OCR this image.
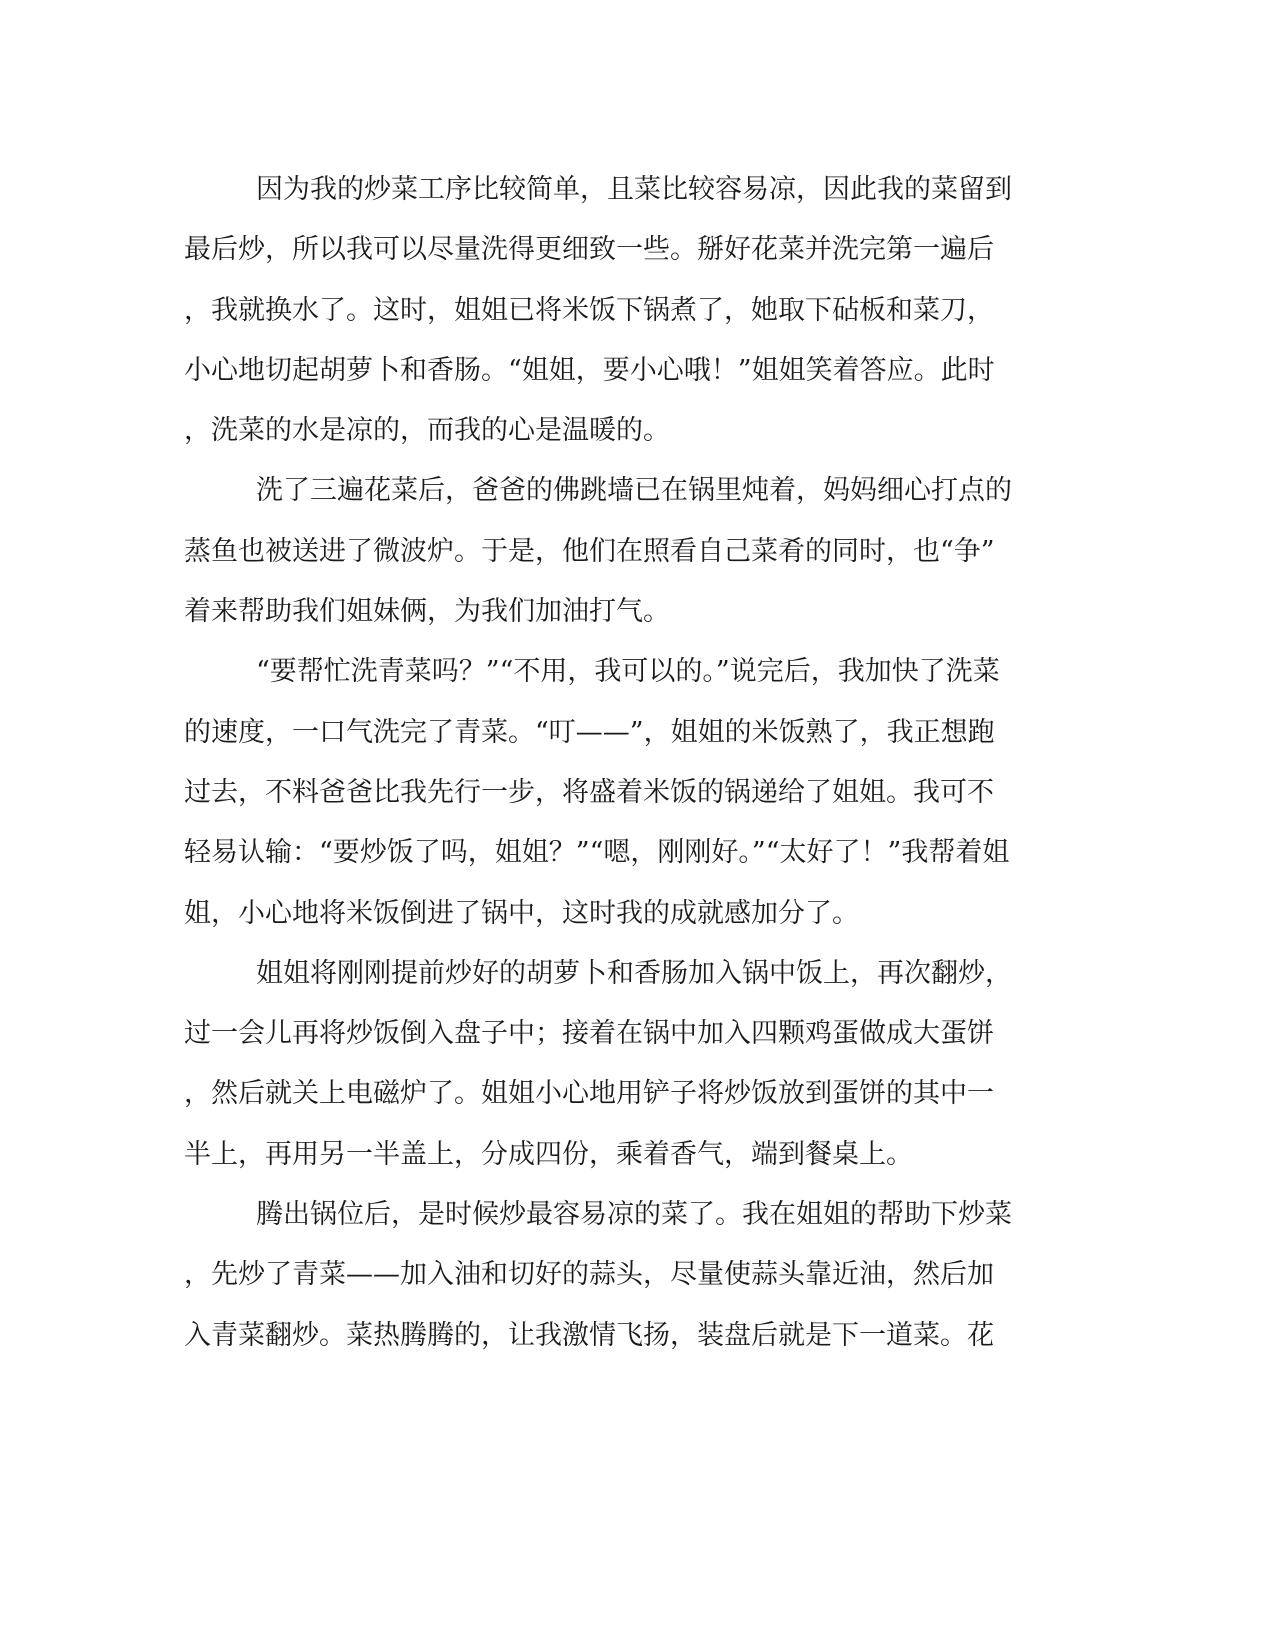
因为我的炒菜工序比较简单，且菜比较容易凉，因此我的菜留到
最后炒，所以我可以尽量洗得更细致一些。掰好花菜并洗完第一遍后
，我就换水了。这时，姐姐已将米饭下锅煮了，她取下砧板和菜刀，
小心地切起胡萝卜和香肠。“姐姐，要小心哦！”姐姐笑着答应。此时
，洗菜的水是凉的，而我的心是温暖的。
洗了三遍花菜后，爸爸的佛跳墙已在锅里炖着，妈妈细心打点的
蒸鱼也被送进了微波炉。于是，他们在照看自己菜肴的同时，也“争”
着来帮助我们姐妹俩，为我们加油打气。
“要帮忙洗青菜吗？”“不用，我可以的。”说完后，我加快了洗菜
的速度，一口气洗完了青菜。“叮——”，姐姐的米饭熟了，我正想跑
过去，不料爸爸比我先行一步，将盛着米饭的锅递给了姐姐。我可不
轻易认输：“要炒饭了吗，姐姐？”“嗯，刚刚好。”“太好了！”我帮着姐
姐，小心地将米饭倒进了锅中，这时我的成就感加分了。
姐姐将刚刚提前炒好的胡萝卜和香肠加入锅中饭上，再次翻炒，
过一会儿再将炒饭倒入盘子中；接着在锅中加入四颗鸡蛋做成大蛋饼
，然后就关上电磁炉了。姐姐小心地用铲子将炒饭放到蛋饼的其中一
半上，再用另一半盖上，分成四份，乘着香气，端到餐桌上。
腾出锅位后，是时候炒最容易凉的菜了。我在姐姐的帮助下炒菜
，先炒了青菜——加入油和切好的蒜头，尽量使蒜头靠近油，然后加
入青菜翻炒。菜热腾腾的，让我激情飞扬，装盘后就是下一道菜。花
